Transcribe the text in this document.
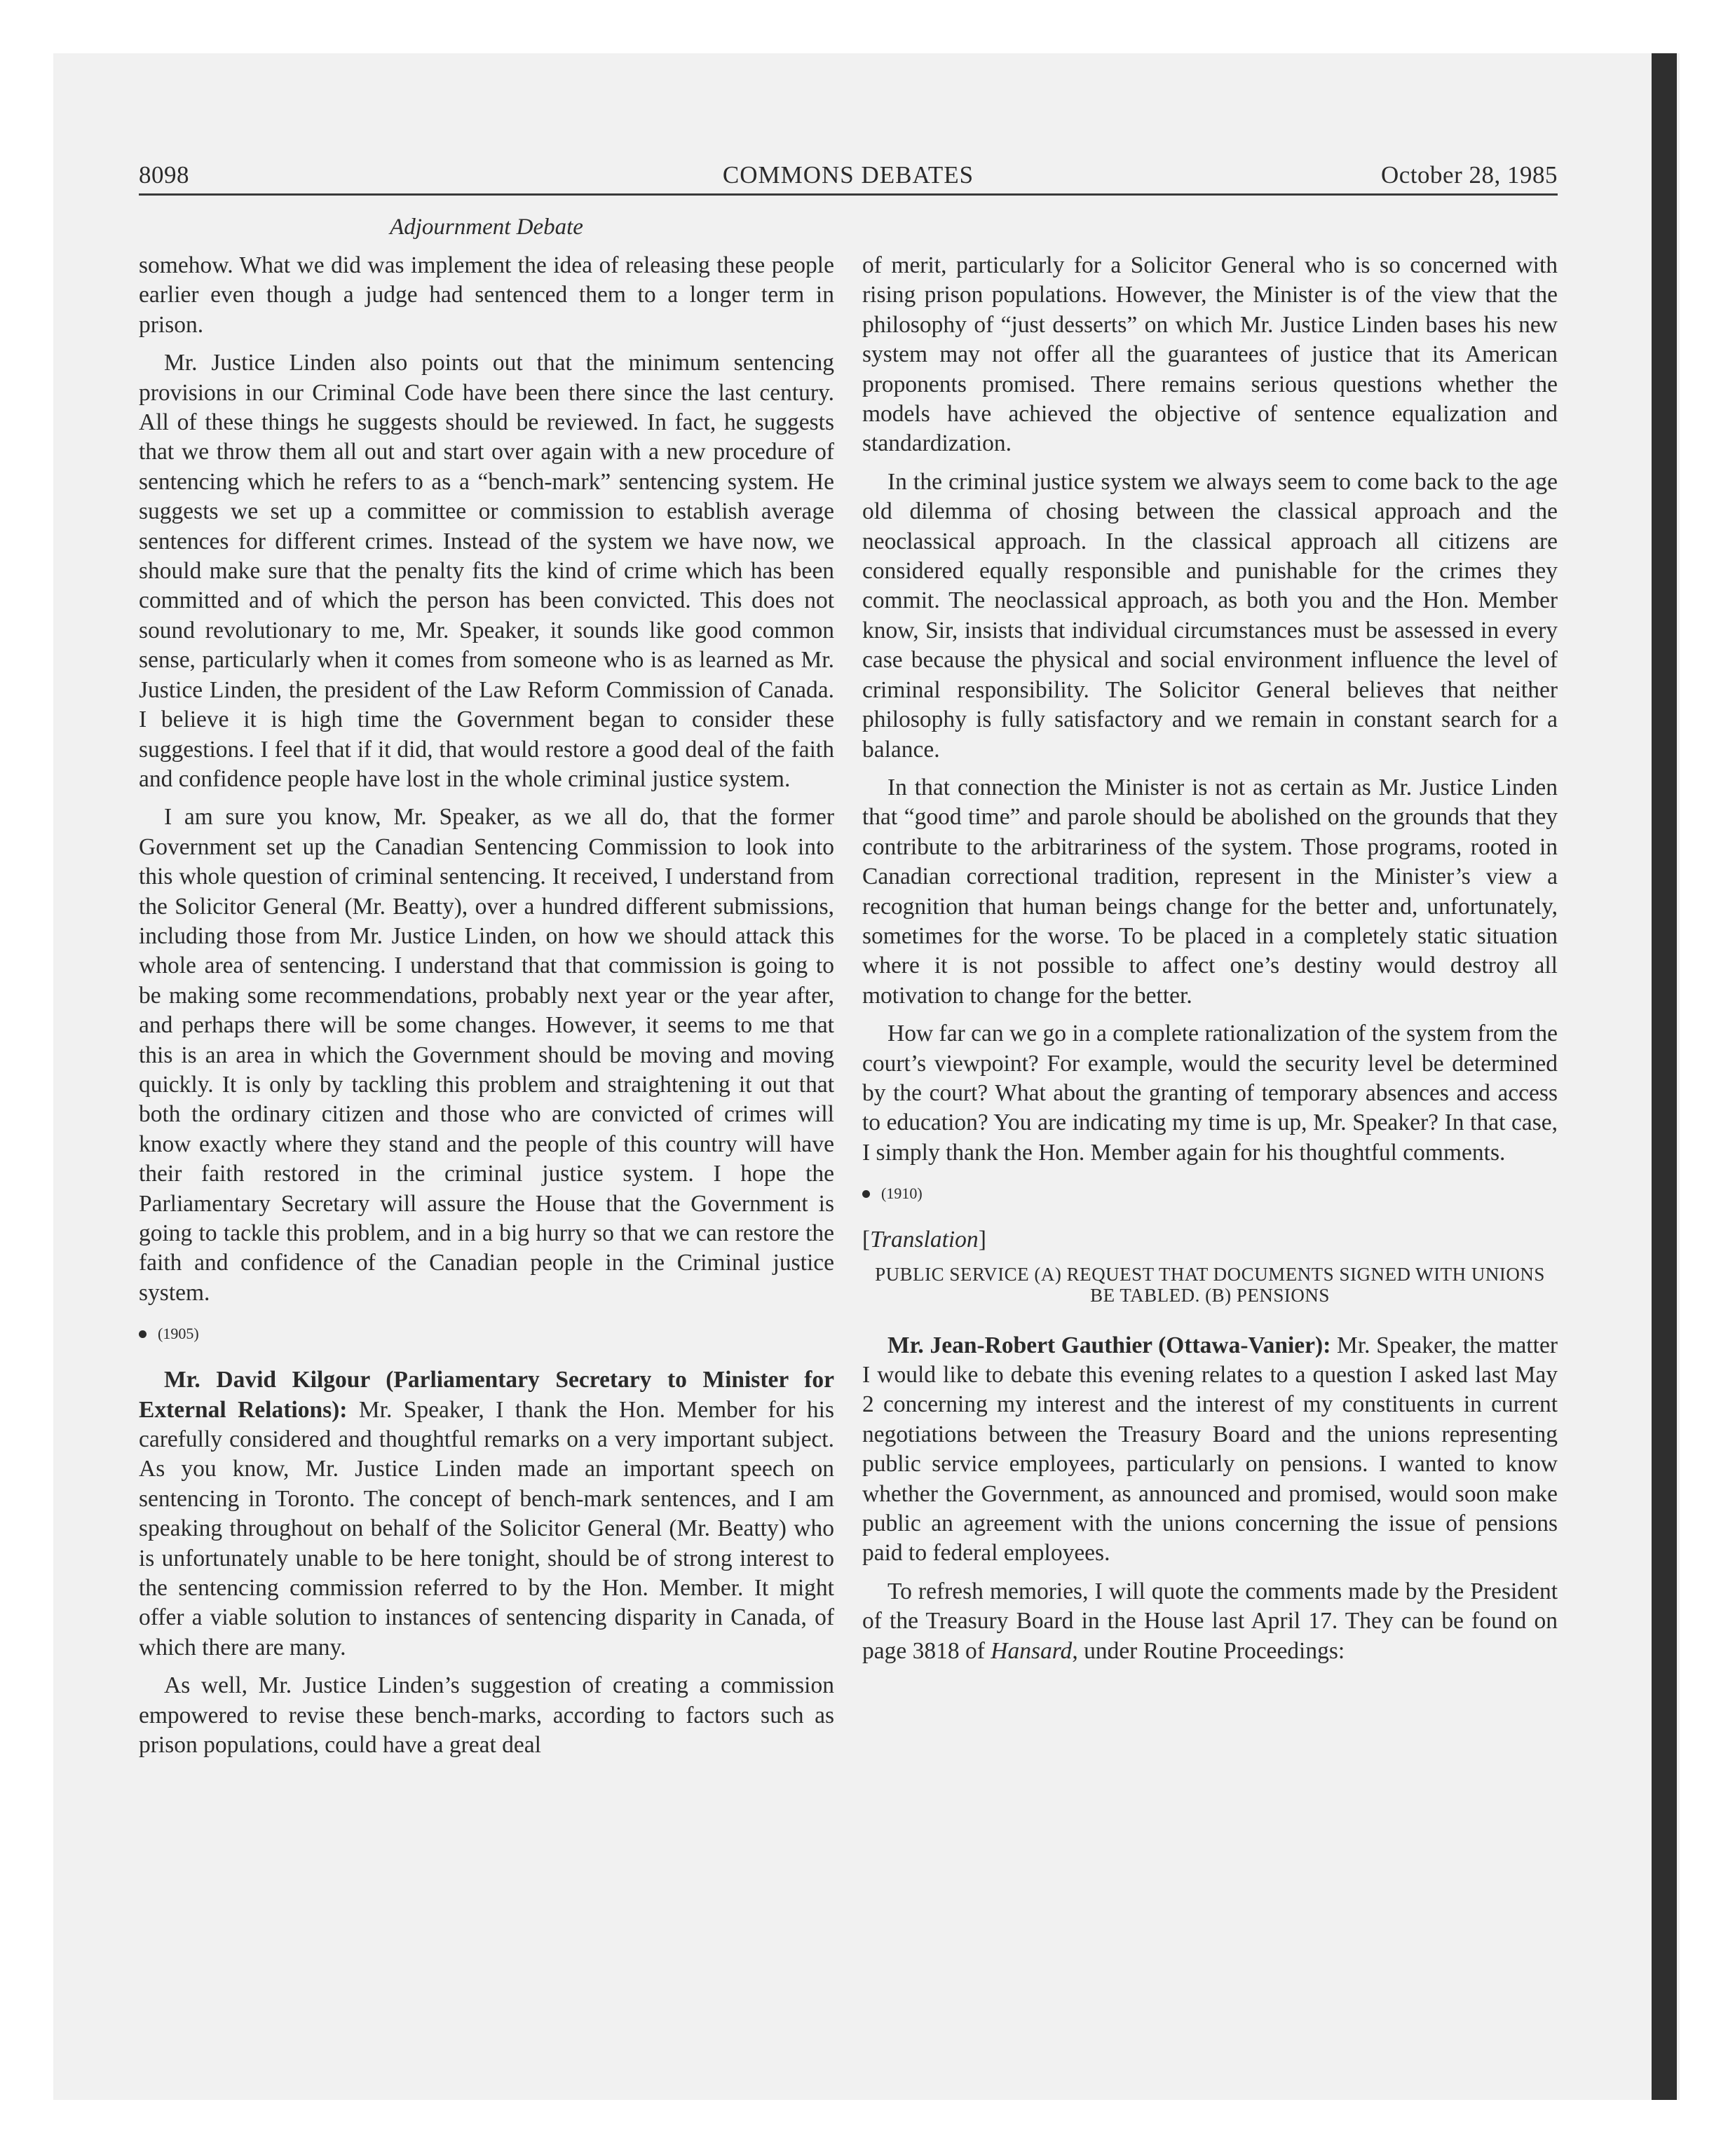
8098	COMMONS DEBATES	October 28, 1985
Adjournment Debate

somehow. What we did was implement the idea of releasing these people earlier even though a judge had sentenced them to a longer term in prison.

Mr. Justice Linden also points out that the minimum sentencing provisions in our Criminal Code have been there since the last century. All of these things he suggests should be reviewed. In fact, he suggests that we throw them all out and start over again with a new procedure of sentencing which he refers to as a “bench-mark” sentencing system. He suggests we set up a committee or commission to establish average sentences for different crimes. Instead of the system we have now, we should make sure that the penalty fits the kind of crime which has been committed and of which the person has been convicted. This does not sound revolutionary to me, Mr. Speaker, it sounds like good common sense, particularly when it comes from someone who is as learned as Mr. Justice Linden, the president of the Law Reform Commission of Canada. I believe it is high time the Government began to consider these suggestions. I feel that if it did, that would restore a good deal of the faith and confidence people have lost in the whole criminal justice system.

I am sure you know, Mr. Speaker, as we all do, that the former Government set up the Canadian Sentencing Commission to look into this whole question of criminal sentencing. It received, I understand from the Solicitor General (Mr. Beatty), over a hundred different submissions, including those from Mr. Justice Linden, on how we should attack this whole area of sentencing. I understand that that commission is going to be making some recommendations, probably next year or the year after, and perhaps there will be some changes. However, it seems to me that this is an area in which the Government should be moving and moving quickly. It is only by tackling this problem and straightening it out that both the ordinary citizen and those who are convicted of crimes will know exactly where they stand and the people of this country will have their faith restored in the criminal justice system. I hope the Parliamentary Secretary will assure the House that the Government is going to tackle this problem, and in a big hurry so that we can restore the faith and confidence of the Canadian people in the Criminal justice system.

(1905)

Mr. David Kilgour (Parliamentary Secretary to Minister for External Relations): Mr. Speaker, I thank the Hon. Member for his carefully considered and thoughtful remarks on a very important subject. As you know, Mr. Justice Linden made an important speech on sentencing in Toronto. The concept of bench-mark sentences, and I am speaking throughout on behalf of the Solicitor General (Mr. Beatty) who is unfortunately unable to be here tonight, should be of strong interest to the sentencing commission referred to by the Hon. Member. It might offer a viable solution to instances of sentencing disparity in Canada, of which there are many.

As well, Mr. Justice Linden’s suggestion of creating a commission empowered to revise these bench-marks, according to factors such as prison populations, could have a great deal

of merit, particularly for a Solicitor General who is so concerned with rising prison populations. However, the Minister is of the view that the philosophy of “just desserts” on which Mr. Justice Linden bases his new system may not offer all the guarantees of justice that its American proponents promised. There remains serious questions whether the models have achieved the objective of sentence equalization and standardization.

In the criminal justice system we always seem to come back to the age old dilemma of chosing between the classical approach and the neoclassical approach. In the classical approach all citizens are considered equally responsible and punishable for the crimes they commit. The neoclassical approach, as both you and the Hon. Member know, Sir, insists that individual circumstances must be assessed in every case because the physical and social environment influence the level of criminal responsibility. The Solicitor General believes that neither philosophy is fully satisfactory and we remain in constant search for a balance.

In that connection the Minister is not as certain as Mr. Justice Linden that “good time” and parole should be abolished on the grounds that they contribute to the arbitrariness of the system. Those programs, rooted in Canadian correctional tradition, represent in the Minister’s view a recognition that human beings change for the better and, unfortunately, sometimes for the worse. To be placed in a completely static situation where it is not possible to affect one’s destiny would destroy all motivation to change for the better.

How far can we go in a complete rationalization of the system from the court’s viewpoint? For example, would the security level be determined by the court? What about the granting of temporary absences and access to education? You are indicating my time is up, Mr. Speaker? In that case, I simply thank the Hon. Member again for his thoughtful comments.

(1910)
[Translation]
PUBLIC SERVICE (A) REQUEST THAT DOCUMENTS SIGNED WITH UNIONS BE TABLED. (B) PENSIONS

Mr. Jean-Robert Gauthier (Ottawa-Vanier): Mr. Speaker, the matter I would like to debate this evening relates to a question I asked last May 2 concerning my interest and the interest of my constituents in current negotiations between the Treasury Board and the unions representing public service employees, particularly on pensions. I wanted to know whether the Government, as announced and promised, would soon make public an agreement with the unions concerning the issue of pensions paid to federal employees.

To refresh memories, I will quote the comments made by the President of the Treasury Board in the House last April 17. They can be found on page 3818 of Hansard, under Routine Proceedings:
